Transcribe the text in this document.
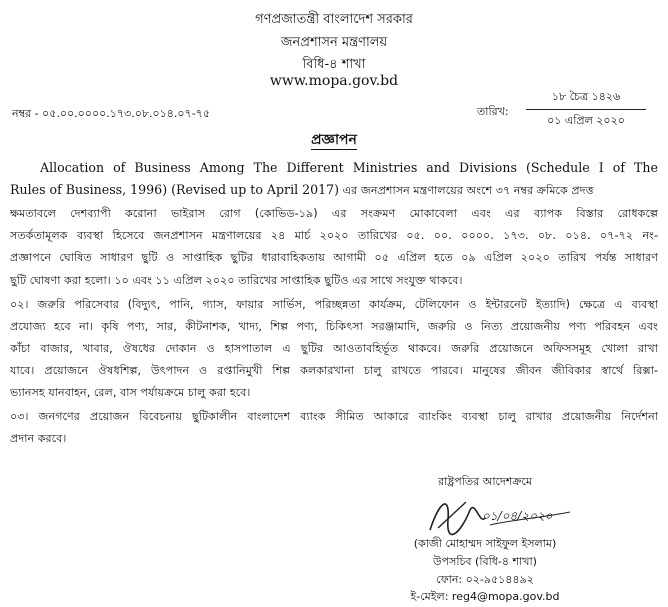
গণপ্রজাতন্ত্রী বাংলাদেশ সরকার
জনপ্রশাসন মন্ত্রণালয়
বিধি-৪ শাখা
www.mopa.gov.bd
নম্বর - ০৫.০০.০০০০.১৭৩.০৮.০১৪.০৭-৭৫	তারিখ:
১৮ চৈত্র ১৪২৬
০১ এপ্রিল ২০২০
প্রজ্ঞাপন
Allocation of Business Among The Different Ministries and Divisions (Schedule I of The
Rules of Business, 1996) (Revised up to April 2017) এর জনপ্রশাসন মন্ত্রণালয়ের অংশে ৩৭ নম্বর ক্রমিকে প্রদত্ত
ক্ষমতাবলে দেশব্যাপী করোনা ভাইরাস রোগ (কোভিড-১৯) এর সংক্রমণ মোকাবেলা এবং এর ব্যাপক বিস্তার রোধকল্পে
সতর্কতামূলক ব্যবস্থা হিসেবে জনপ্রশাসন মন্ত্রণালয়ের ২৪ মার্চ ২০২০ তারিখের ০৫. ০০. ০০০০. ১৭৩. ০৮. ০১৪. ০৭-৭২ নং-
প্রজ্ঞাপনে ঘোষিত সাধারণ ছুটি ও সাপ্তাহিক ছুটির ধারাবাহিকতায় আগামী ০৫ এপ্রিল হতে ০৯ এপ্রিল ২০২০ তারিখ পর্যন্ত সাধারণ
ছুটি ঘোষণা করা হলো। ১০ এবং ১১ এপ্রিল ২০২০ তারিখের সাপ্তাহিক ছুটিও এর সাথে সংযুক্ত থাকবে।
০২। জরুরি পরিসেবার (বিদ্যুৎ, পানি, গ্যাস, ফায়ার সার্ভিস, পরিচ্ছন্নতা কার্যক্রম, টেলিফোন ও ইন্টারনেট ইত্যাদি) ক্ষেত্রে এ ব্যবস্থা
প্রযোজ্য হবে না। কৃষি পণ্য, সার, কীটনাশক, খাদ্য, শিল্প পণ্য, চিকিৎসা সরঞ্জামাদি, জরুরি ও নিত্য প্রয়োজনীয় পণ্য পরিবহন এবং
কাঁচা বাজার, খাবার, ঔষধের দোকান ও হাসপাতাল এ ছুটির আওতাবহির্ভূত থাকবে। জরুরি প্রয়োজনে অফিসসমূহ খোলা রাখা
যাবে। প্রয়োজনে ঔষধশিল্প, উৎপাদন ও রপ্তানিমুখী শিল্প কলকারখানা চালু রাখতে পারবে। মানুষের জীবন জীবিকার স্বার্থে রিক্সা-
ভ্যানসহ যানবাহন, রেল, বাস পর্যায়ক্রমে চালু করা হবে।
০৩। জনগণের প্রয়োজন বিবেচনায় ছুটিকালীন বাংলাদেশ ব্যাংক সীমিত আকারে ব্যাংকিং ব্যবস্থা চালু রাখার প্রয়োজনীয় নির্দেশনা
প্রদান করবে।
রাষ্ট্রপতির আদেশক্রমে
০১/০৪/২০২০
(কাজী মোহাম্মদ সাইফুল ইসলাম)
উপসচিব (বিধি-৪ শাখা)
ফোন: ০২-৯৫১৪৪৯২
ই-মেইল: reg4@mopa.gov.bd
